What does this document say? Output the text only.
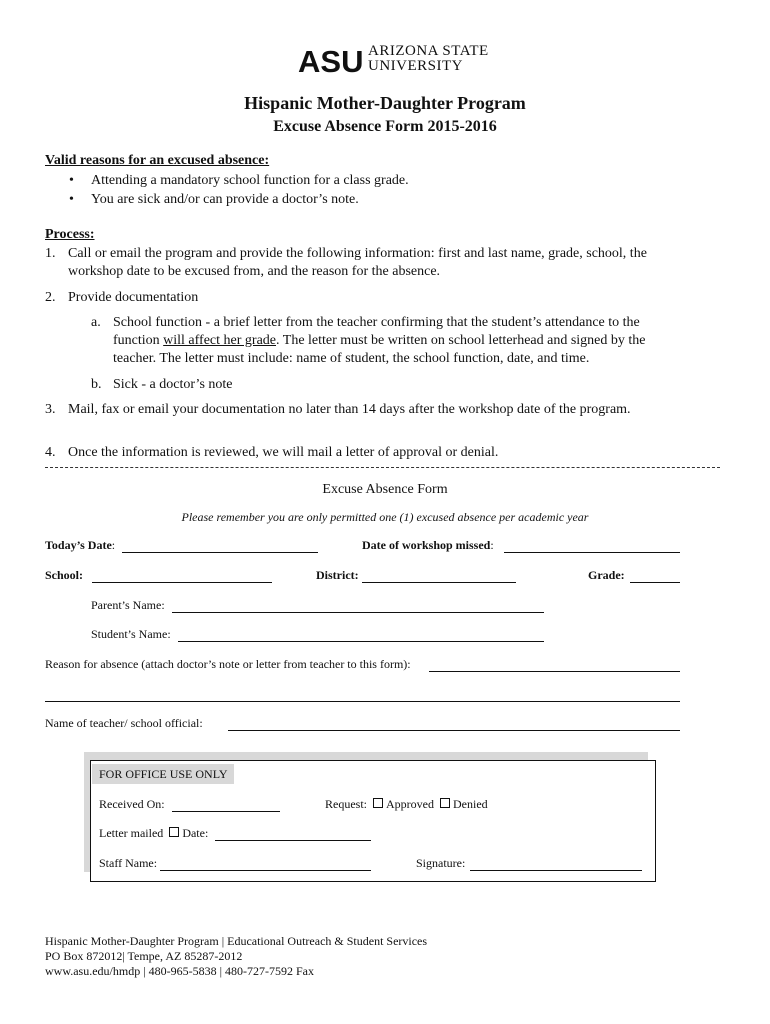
ASU ARIZONA STATE
UNIVERSITY
Hispanic Mother-Daughter Program
Excuse Absence Form 2015-2016
Valid reasons for an excused absence:
• Attending a mandatory school function for a class grade.
• You are sick and/or can provide a doctor’s note.
Process:
1. Call or email the program and provide the following information: first and last name, grade, school, the
workshop date to be excused from, and the reason for the absence.
2. Provide documentation
a. School function - a brief letter from the teacher confirming that the student’s attendance to the
function will affect her grade. The letter must be written on school letterhead and signed by the
teacher. The letter must include: name of student, the school function, date, and time.
b. Sick - a doctor’s note
3. Mail, fax or email your documentation no later than 14 days after the workshop date of the program.
4. Once the information is reviewed, we will mail a letter of approval or denial.
Excuse Absence Form
Please remember you are only permitted one (1) excused absence per academic year
Today’s Date:	Date of workshop missed:
School:	District:	Grade:
Parent’s Name:
Student’s Name:
Reason for absence (attach doctor’s note or letter from teacher to this form):
Name of teacher/ school official:
FOR OFFICE USE ONLY
Received On:	Request: Approved Denied
Letter mailed Date:
Staff Name:	Signature:
Hispanic Mother-Daughter Program | Educational Outreach & Student Services
PO Box 872012| Tempe, AZ 85287-2012
www.asu.edu/hmdp | 480-965-5838 | 480-727-7592 Fax
